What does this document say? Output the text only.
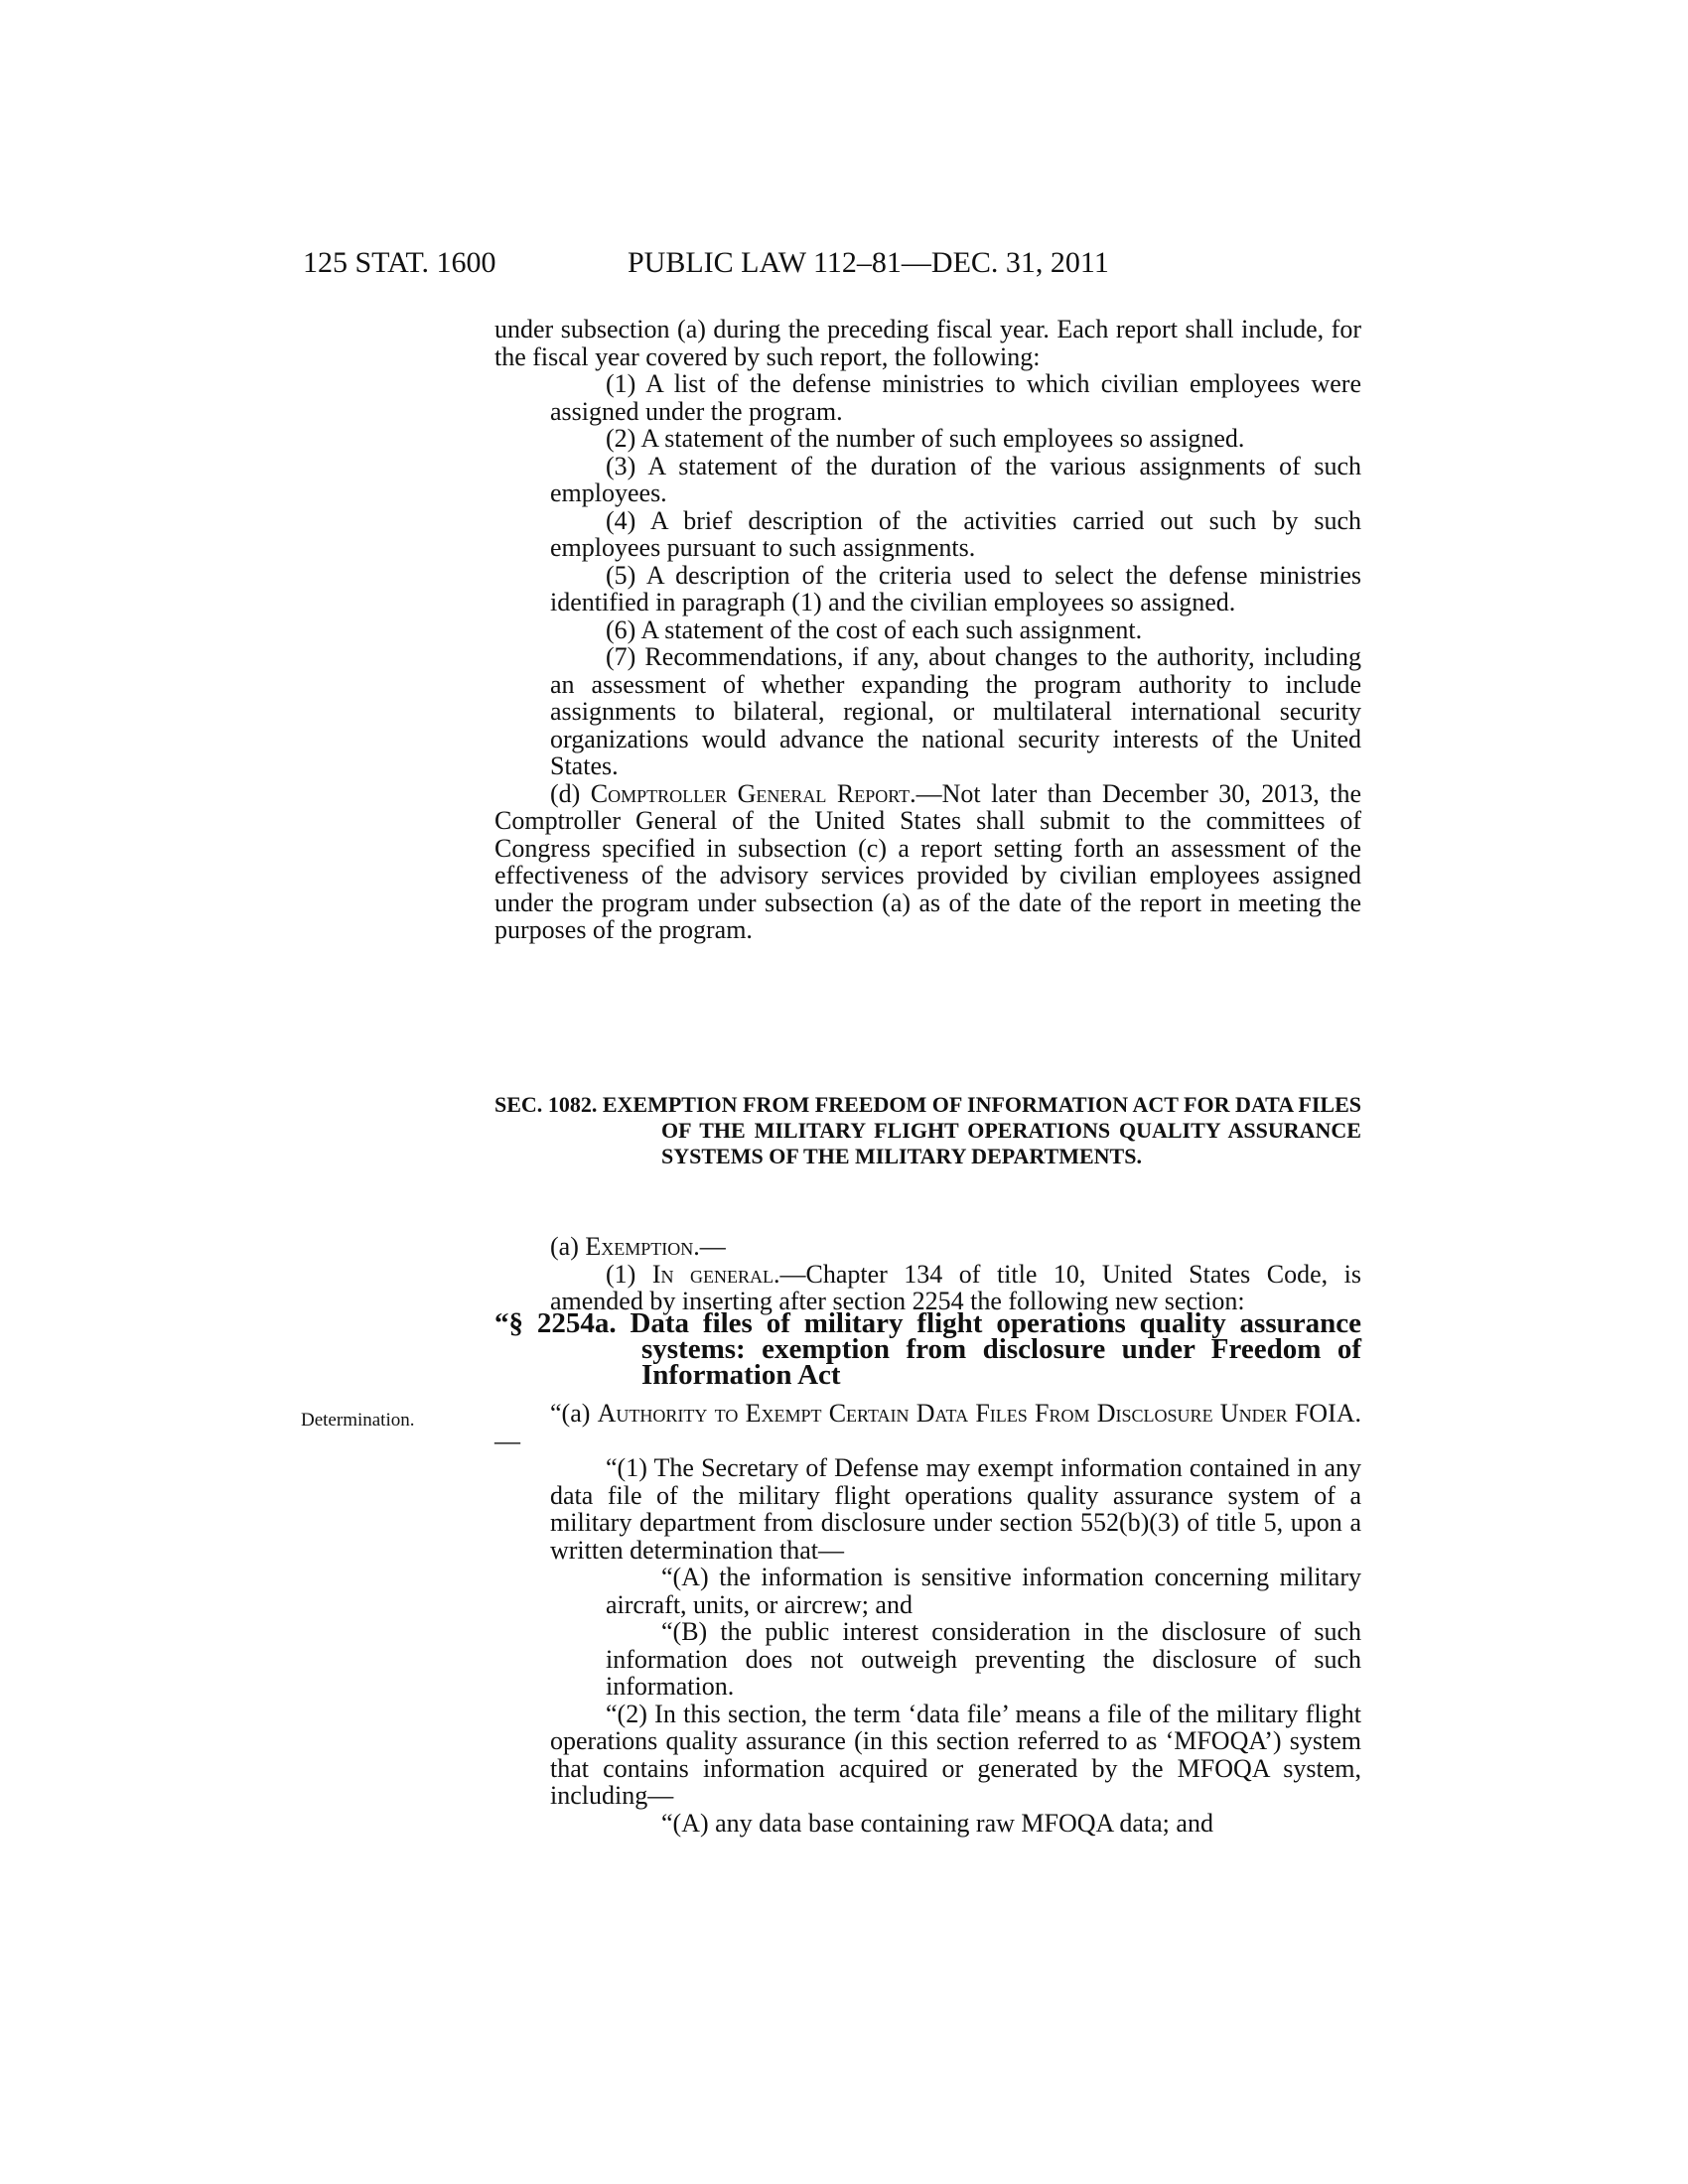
125 STAT. 1600	PUBLIC LAW 112–81—DEC. 31, 2011

under subsection (a) during the preceding fiscal year. Each report shall include, for the fiscal year covered by such report, the following:

(1) A list of the defense ministries to which civilian employees were assigned under the program.

(2) A statement of the number of such employees so assigned.

(3) A statement of the duration of the various assignments of such employees.

(4) A brief description of the activities carried out such by such employees pursuant to such assignments.

(5) A description of the criteria used to select the defense ministries identified in paragraph (1) and the civilian employees so assigned.

(6) A statement of the cost of each such assignment.

(7) Recommendations, if any, about changes to the authority, including an assessment of whether expanding the program authority to include assignments to bilateral, regional, or multilateral international security organizations would advance the national security interests of the United States.

(d) Comptroller General Report.—Not later than December 30, 2013, the Comptroller General of the United States shall submit to the committees of Congress specified in subsection (c) a report setting forth an assessment of the effectiveness of the advisory services provided by civilian employees assigned under the program under subsection (a) as of the date of the report in meeting the purposes of the program.

SEC. 1082. EXEMPTION FROM FREEDOM OF INFORMATION ACT FOR DATA FILES OF THE MILITARY FLIGHT OPERATIONS QUALITY ASSURANCE SYSTEMS OF THE MILITARY DEPARTMENTS.

(a) Exemption.—

(1) In general.—Chapter 134 of title 10, United States Code, is amended by inserting after section 2254 the following new section:

“§ 2254a. Data files of military flight operations quality assurance systems: exemption from disclosure under Freedom of Information Act
Determination.	“(a) Authority to Exempt Certain Data Files From Disclosure Under FOIA.—

“(1) The Secretary of Defense may exempt information contained in any data file of the military flight operations quality assurance system of a military department from disclosure under section 552(b)(3) of title 5, upon a written determination that—

“(A) the information is sensitive information concerning military aircraft, units, or aircrew; and

“(B) the public interest consideration in the disclosure of such information does not outweigh preventing the disclosure of such information.

“(2) In this section, the term ‘data file’ means a file of the military flight operations quality assurance (in this section referred to as ‘MFOQA’) system that contains information acquired or generated by the MFOQA system, including—

“(A) any data base containing raw MFOQA data; and
